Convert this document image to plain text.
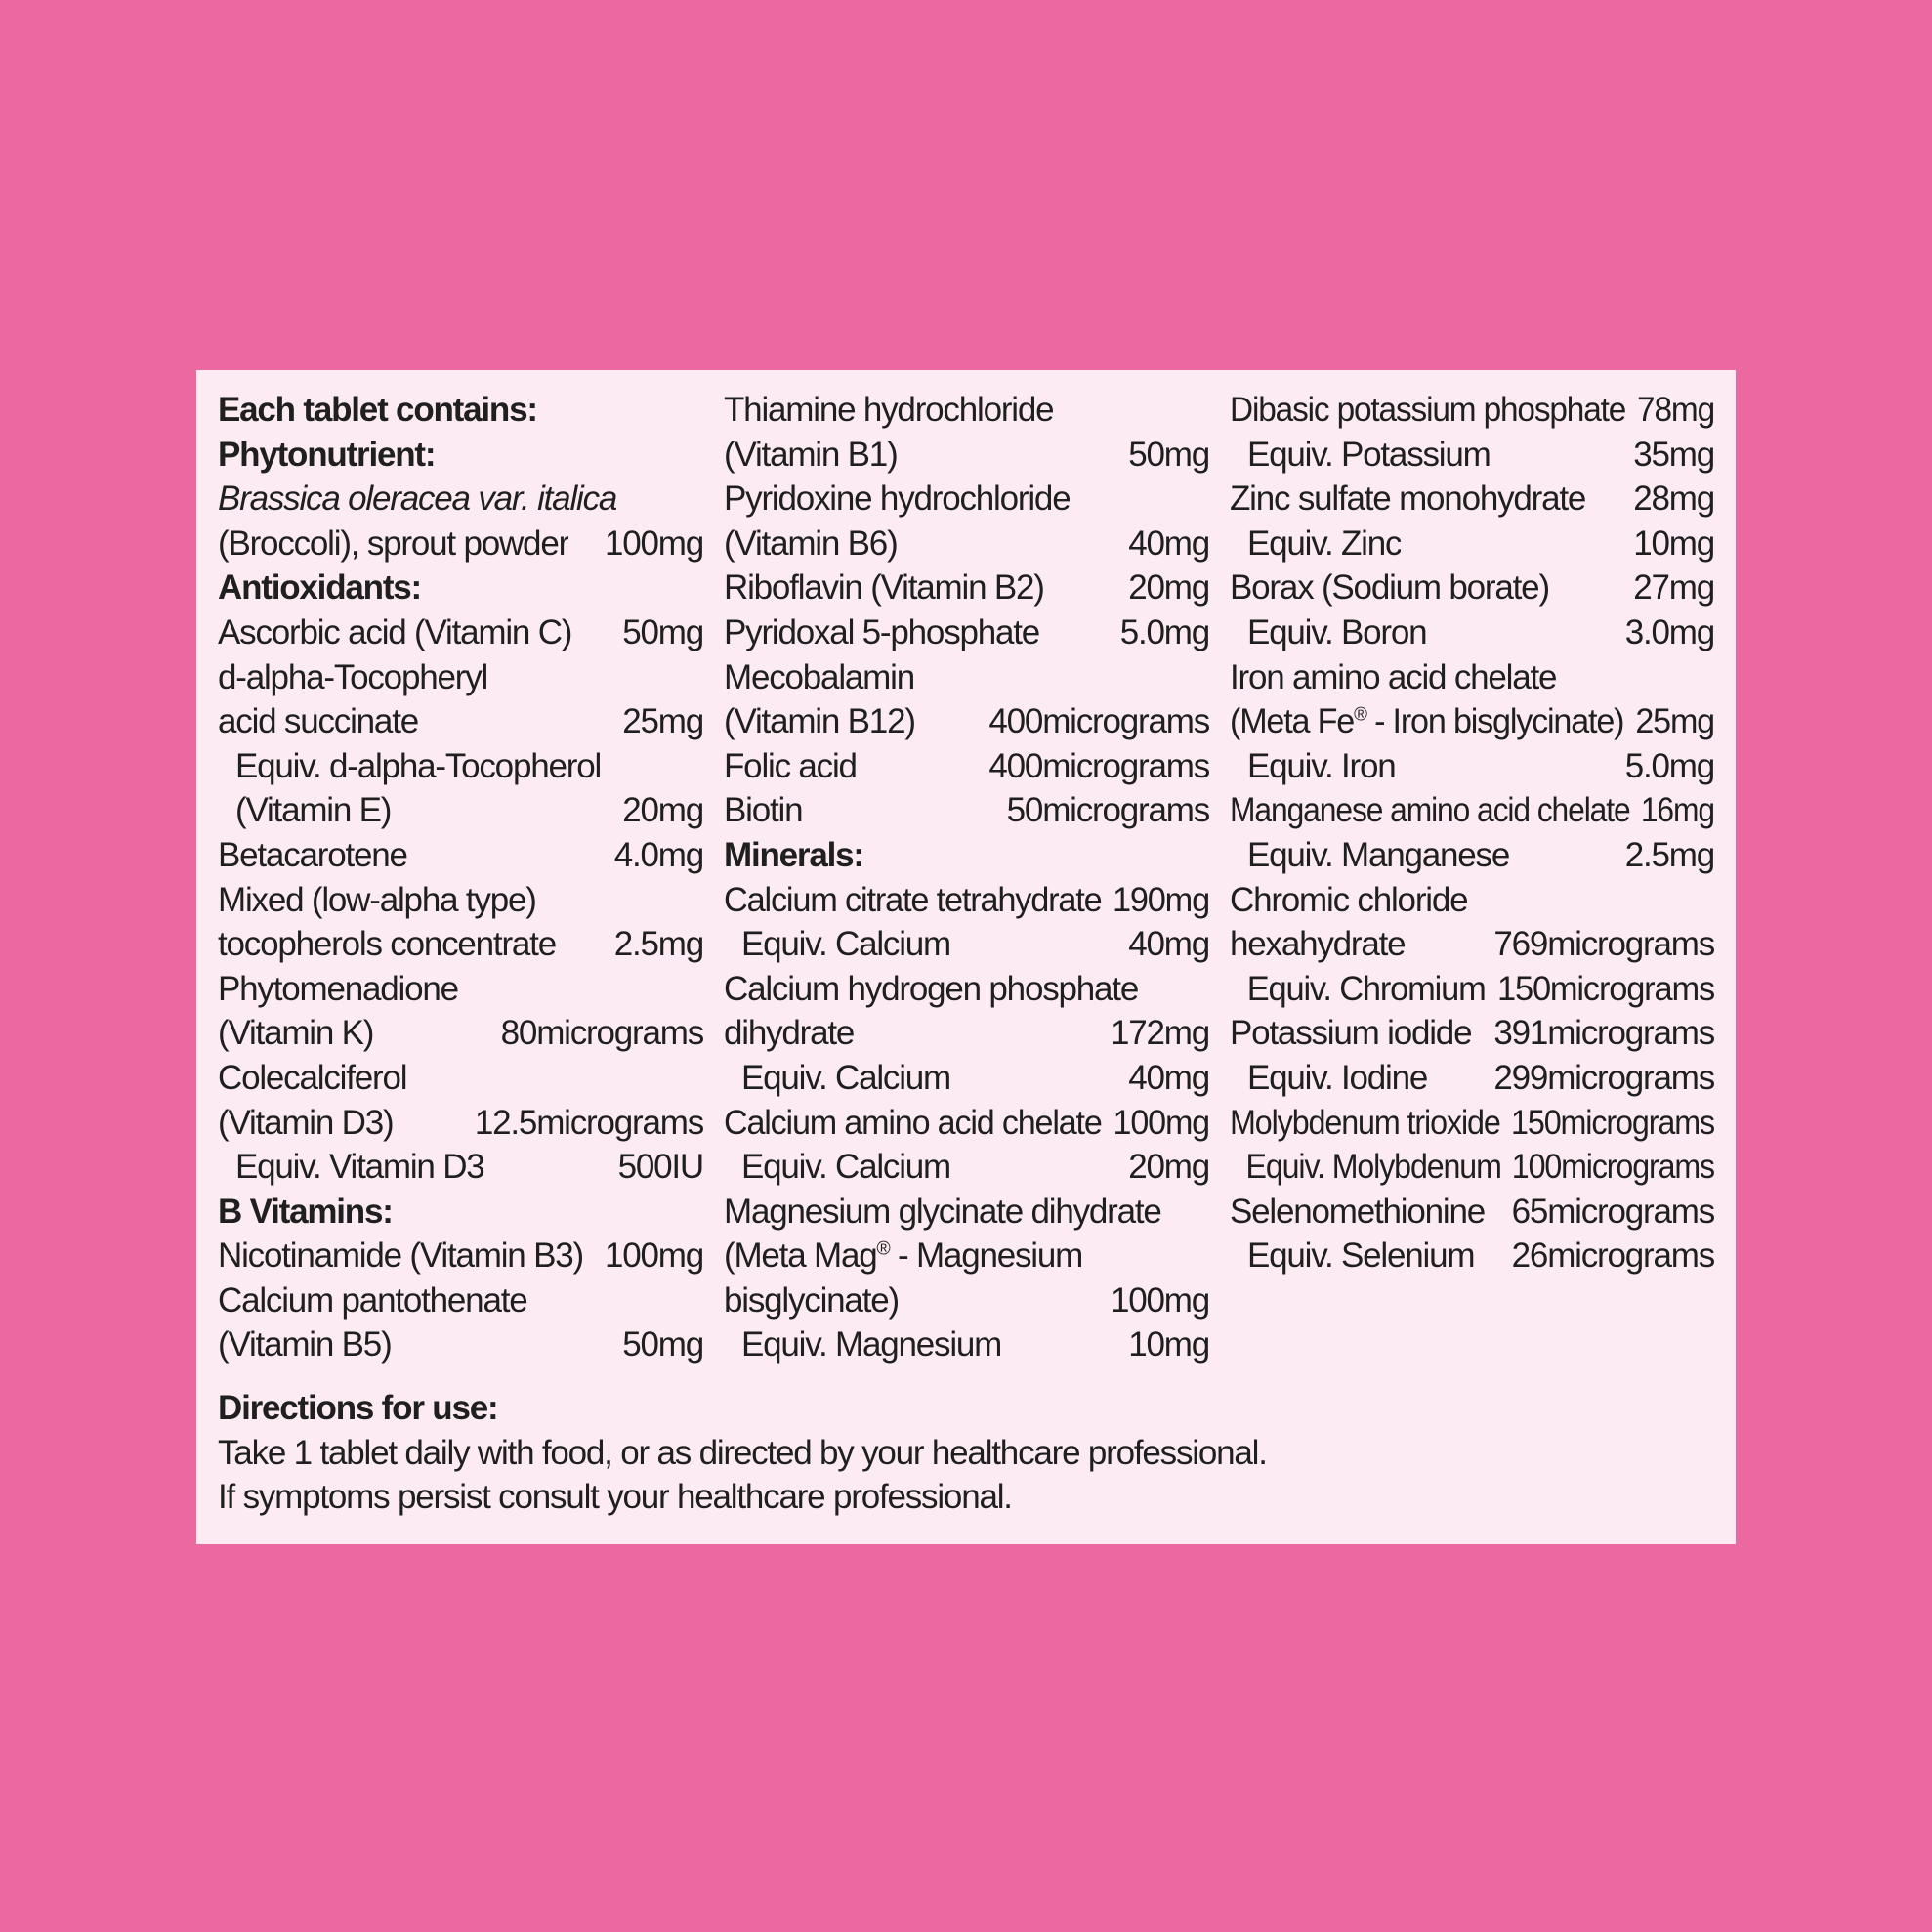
Each tablet contains:
Phytonutrient:
Brassica oleracea var. italica
(Broccoli), sprout powder 100mg
Antioxidants:
Ascorbic acid (Vitamin C) 50mg
d-alpha-Tocopheryl
acid succinate	25mg
Equiv. d-alpha-Tocopherol
(Vitamin E)	20mg
Betacarotene	4.0mg
Mixed (low-alpha type)
tocopherols concentrate 2.5mg
Phytomenadione
(Vitamin K)	80micrograms
Colecalciferol
(Vitamin D3) 12.5micrograms
Equiv. Vitamin D3	500IU
B Vitamins:
Nicotinamide (Vitamin B3) 100mg
Calcium pantothenate
(Vitamin B5)	50mg
Thiamine hydrochloride
(Vitamin B1)	50mg
Pyridoxine hydrochloride
(Vitamin B6)	40mg
Riboflavin (Vitamin B2) 20mg
Pyridoxal 5-phosphate 5.0mg
Mecobalamin
(Vitamin B12) 400micrograms
Folic acid	400micrograms
Biotin	50micrograms
Minerals:
Calcium citrate tetrahydrate 190mg
Equiv. Calcium	40mg
Calcium hydrogen phosphate
dihydrate	172mg
Equiv. Calcium	40mg
Calcium amino acid chelate 100mg
Equiv. Calcium	20mg
Magnesium glycinate dihydrate
(Meta Mag® - Magnesium
bisglycinate)	100mg
Equiv. Magnesium	10mg
Dibasic potassium phosphate 78mg
Equiv. Potassium	35mg
Zinc sulfate monohydrate 28mg
Equiv. Zinc	10mg
Borax (Sodium borate) 27mg
Equiv. Boron	3.0mg
Iron amino acid chelate
(Meta Fe® - Iron bisglycinate) 25mg
Equiv. Iron	5.0mg
Manganese amino acid chelate 16mg
Equiv. Manganese	2.5mg
Chromic chloride
hexahydrate	769micrograms
Equiv. Chromium 150micrograms
Potassium iodide 391micrograms
Equiv. Iodine 299micrograms
Molybdenum trioxide 150micrograms
Equiv. Molybdenum 100micrograms
Selenomethionine 65micrograms
Equiv. Selenium 26micrograms
Directions for use:
Take 1 tablet daily with food, or as directed by your healthcare professional.
If symptoms persist consult your healthcare professional.
